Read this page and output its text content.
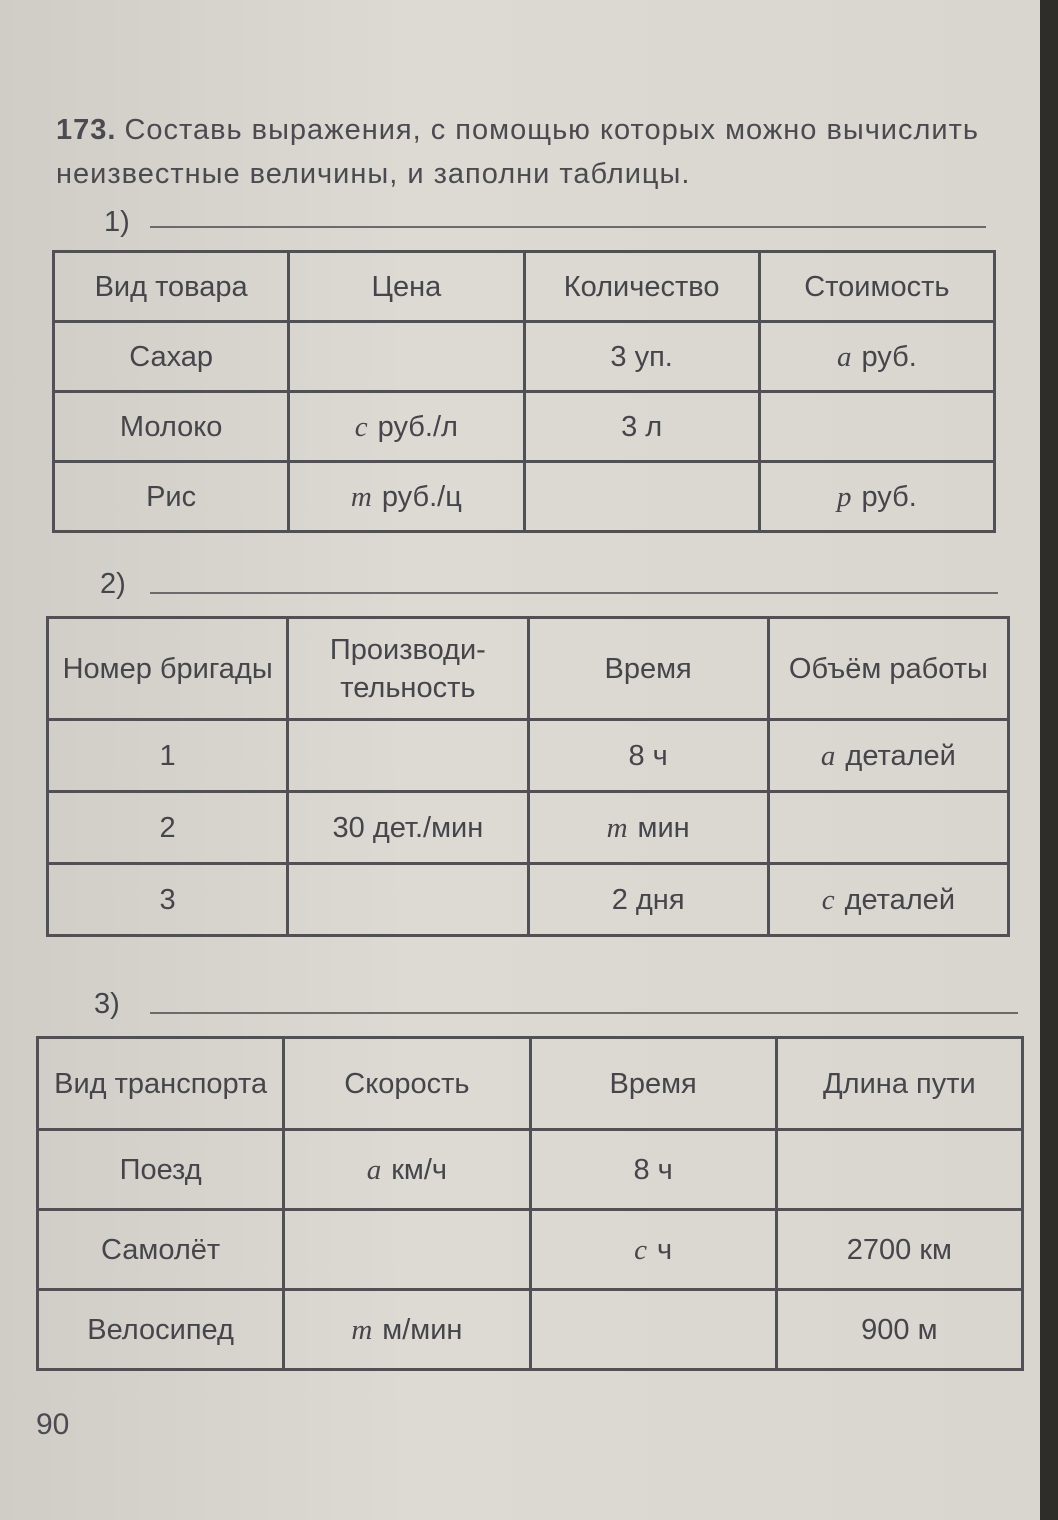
173. Составь выражения, с помощью которых можно вычислить неизвестные величины, и заполни таблицы.
1)
Вид товара	Цена	Количество	Стоимость
Сахар		3 уп.	a руб.
Молоко	c руб./л	3 л	
Рис	m руб./ц		p руб.
2)
Номер бригады	Производи-тельность	Время	Объём работы
1		8 ч	a деталей
2	30 дет./мин	m мин	
3		2 дня	c деталей
3)
Вид транспорта	Скорость	Время	Длина пути
Поезд	a км/ч	8 ч	
Самолёт		c ч	2700 км
Велосипед	m м/мин		900 м
90
